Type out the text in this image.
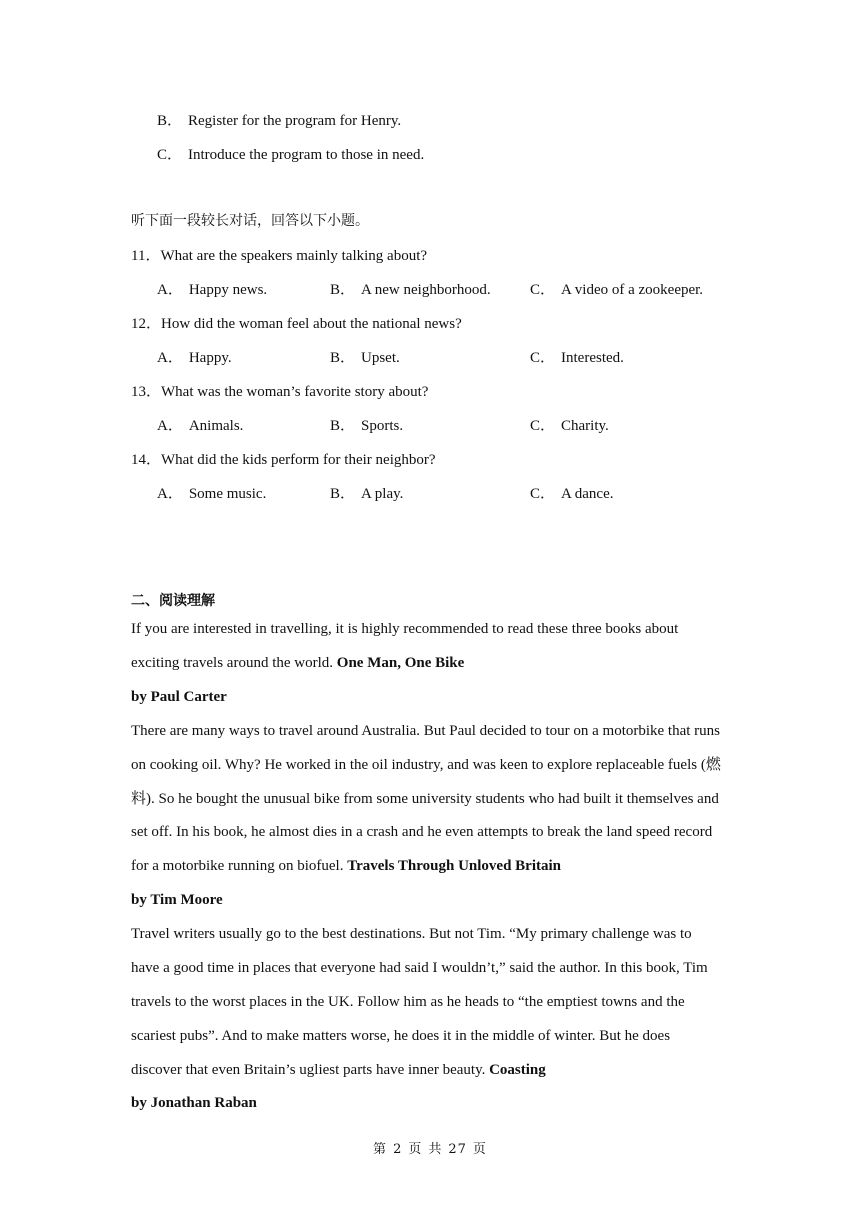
B． Register for the program for Henry.
C． Introduce the program to those in need.
听下面一段较长对话，回答以下小题。
11．What are the speakers mainly talking about?
A． Happy news.	B． A new neighborhood.	C． A video of a zookeeper.
12．How did the woman feel about the national news?
A． Happy.	B． Upset.	C． Interested.
13．What was the woman’s favorite story about?
A． Animals.	B． Sports.	C． Charity.
14．What did the kids perform for their neighbor?
A． Some music.	B． A play.	C． A dance.
二、阅读理解
If you are interested in travelling, it is highly recommended to read these three books about
exciting travels around the world. One Man, One Bike
by Paul Carter
There are many ways to travel around Australia. But Paul decided to tour on a motorbike that runs
on cooking oil. Why? He worked in the oil industry, and was keen to explore replaceable fuels (燃
料). So he bought the unusual bike from some university students who had built it themselves and
set off. In his book, he almost dies in a crash and he even attempts to break the land speed record
for a motorbike running on biofuel. Travels Through Unloved Britain
by Tim Moore
Travel writers usually go to the best destinations. But not Tim. “My primary challenge was to
have a good time in places that everyone had said I wouldn’t,” said the author. In this book, Tim
travels to the worst places in the UK. Follow him as he heads to “the emptiest towns and the
scariest pubs”. And to make matters worse, he does it in the middle of winter. But he does
discover that even Britain’s ugliest parts have inner beauty. Coasting
by Jonathan Raban
第 2 页 共 27 页
